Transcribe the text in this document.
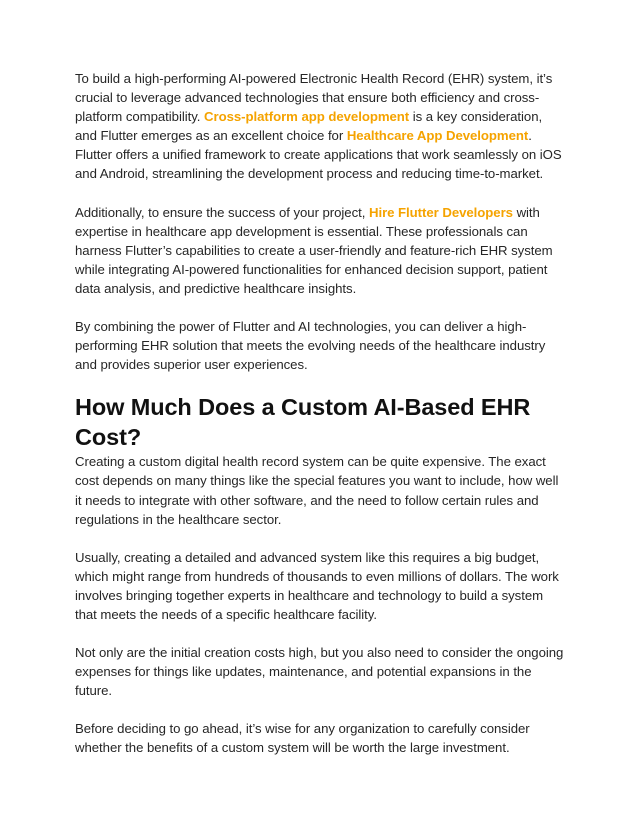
To build a high-performing AI-powered Electronic Health Record (EHR) system, it’s crucial to leverage advanced technologies that ensure both efficiency and cross-platform compatibility. Cross-platform app development is a key consideration, and Flutter emerges as an excellent choice for Healthcare App Development. Flutter offers a unified framework to create applications that work seamlessly on iOS and Android, streamlining the development process and reducing time-to-market.

Additionally, to ensure the success of your project, Hire Flutter Developers with expertise in healthcare app development is essential. These professionals can harness Flutter’s capabilities to create a user-friendly and feature-rich EHR system while integrating AI-powered functionalities for enhanced decision support, patient data analysis, and predictive healthcare insights.

By combining the power of Flutter and AI technologies, you can deliver a high-performing EHR solution that meets the evolving needs of the healthcare industry and provides superior user experiences.

How Much Does a Custom AI-Based EHR Cost?

Creating a custom digital health record system can be quite expensive. The exact cost depends on many things like the special features you want to include, how well it needs to integrate with other software, and the need to follow certain rules and regulations in the healthcare sector.

Usually, creating a detailed and advanced system like this requires a big budget, which might range from hundreds of thousands to even millions of dollars. The work involves bringing together experts in healthcare and technology to build a system that meets the needs of a specific healthcare facility.

Not only are the initial creation costs high, but you also need to consider the ongoing expenses for things like updates, maintenance, and potential expansions in the future.

Before deciding to go ahead, it’s wise for any organization to carefully consider whether the benefits of a custom system will be worth the large investment.
